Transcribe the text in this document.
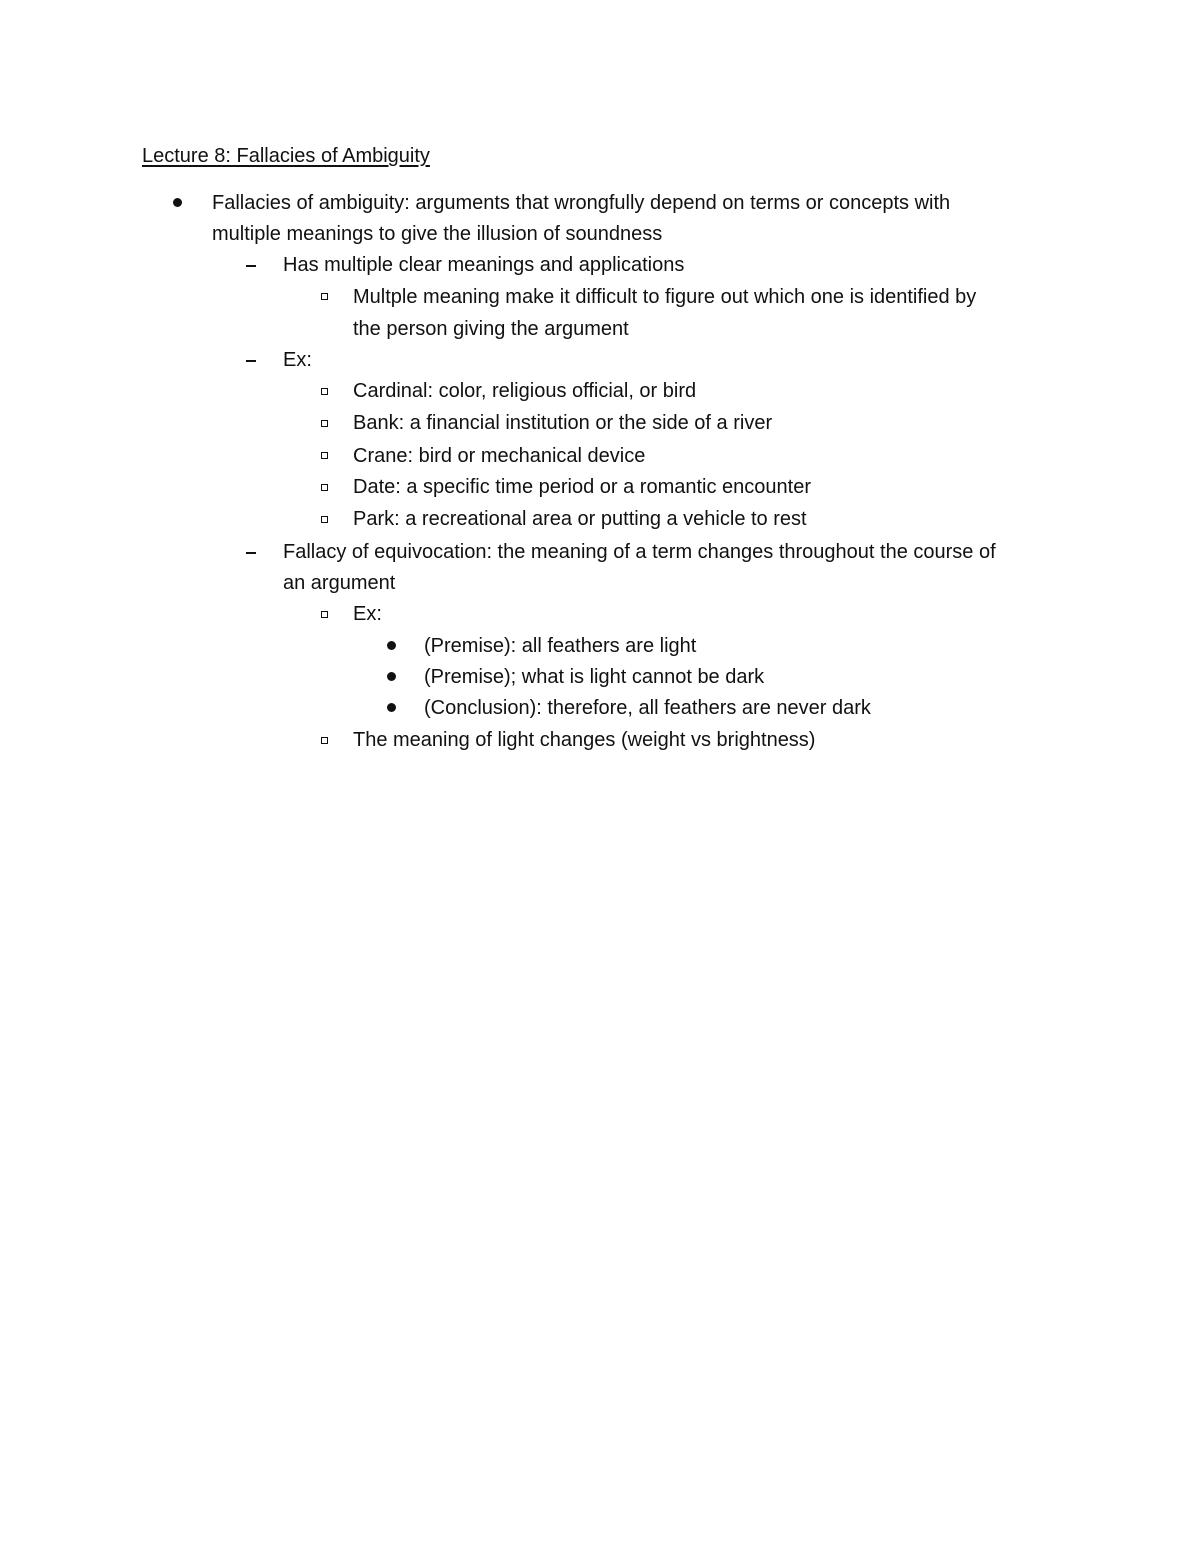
Lecture 8: Fallacies of Ambiguity
Fallacies of ambiguity: arguments that wrongfully depend on terms or concepts with
multiple meanings to give the illusion of soundness
Has multiple clear meanings and applications
Multple meaning make it difficult to figure out which one is identified by
the person giving the argument
Ex:
Cardinal: color, religious official, or bird
Bank: a financial institution or the side of a river
Crane: bird or mechanical device
Date: a specific time period or a romantic encounter
Park: a recreational area or putting a vehicle to rest
Fallacy of equivocation: the meaning of a term changes throughout the course of
an argument
Ex:
(Premise): all feathers are light
(Premise); what is light cannot be dark
(Conclusion): therefore, all feathers are never dark
The meaning of light changes (weight vs brightness)
